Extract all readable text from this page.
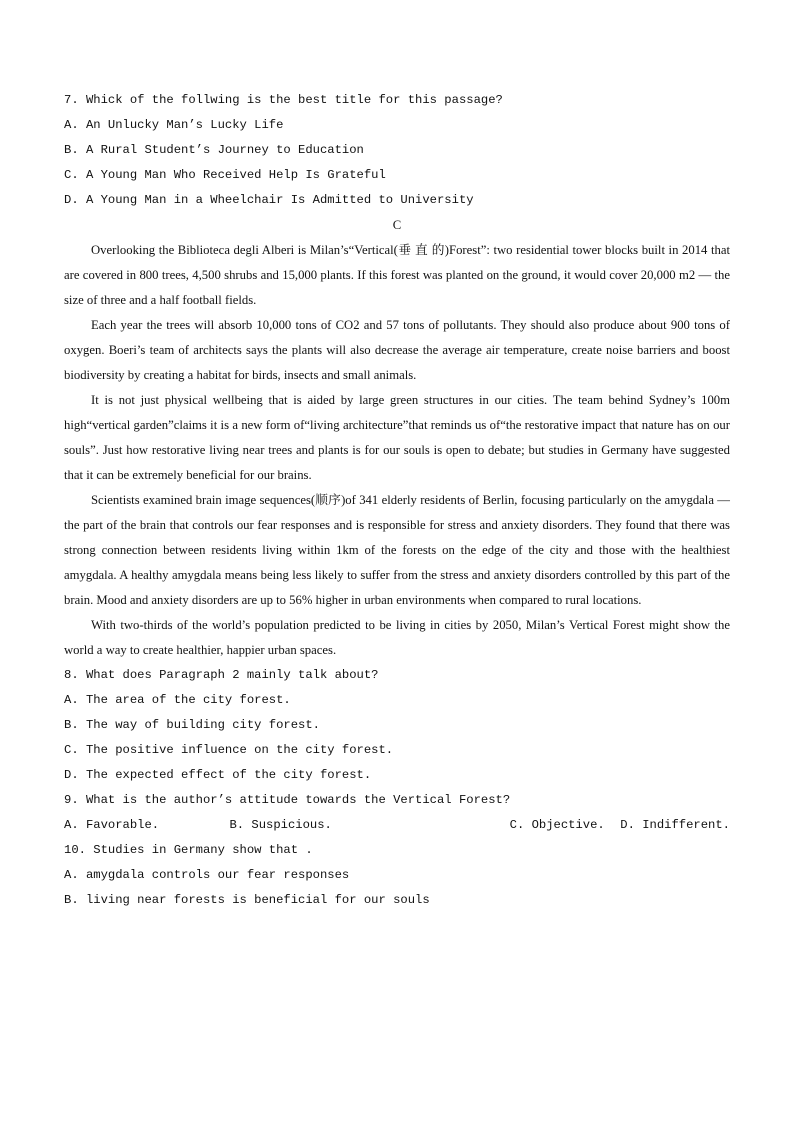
7. Whick of the follwing is the best title for this passage?

A. An Unlucky Man’s Lucky Life

B. A Rural Student’s Journey to Education

C. A Young Man Who Received Help Is Grateful

D. A Young Man in a Wheelchair Is Admitted to University

C

Overlooking the Biblioteca degli Alberi is Milan’s“Vertical(垂 直 的)Forest”: two residential tower blocks built in 2014 that are covered in 800 trees, 4,500 shrubs and 15,000 plants. If this forest was planted on the ground, it would cover 20,000 m2 — the size of three and a half football fields.

Each year the trees will absorb 10,000 tons of CO2 and 57 tons of pollutants. They should also produce about 900 tons of oxygen. Boeri’s team of architects says the plants will also decrease the average air temperature, create noise barriers and boost biodiversity by creating a habitat for birds, insects and small animals.

It is not just physical wellbeing that is aided by large green structures in our cities. The team behind Sydney’s 100m high“vertical garden”claims it is a new form of“living architecture”that reminds us of“the restorative impact that nature has on our souls”. Just how restorative living near trees and plants is for our souls is open to debate; but studies in Germany have suggested that it can be extremely beneficial for our brains.

Scientists examined brain image sequences(顺序)of 341 elderly residents of Berlin, focusing particularly on the amygdala — the part of the brain that controls our fear responses and is responsible for stress and anxiety disorders. They found that there was strong connection between residents living within 1km of the forests on the edge of the city and those with the healthiest amygdala. A healthy amygdala means being less likely to suffer from the stress and anxiety disorders controlled by this part of the brain. Mood and anxiety disorders are up to 56% higher in urban environments when compared to rural locations.

With two-thirds of the world’s population predicted to be living in cities by 2050, Milan’s Vertical Forest might show the world a way to create healthier, happier urban spaces.

8. What does Paragraph 2 mainly talk about?

A. The area of the city forest.

B. The way of building city forest.

C. The positive influence on the city forest.

D. The expected effect of the city forest.

9. What is the author’s attitude towards the Vertical Forest?

A. Favorable.	B. Suspicious.	C. Objective.	D. Indifferent.

10. Studies in Germany show that .

A. amygdala controls our fear responses

B. living near forests is beneficial for our souls
